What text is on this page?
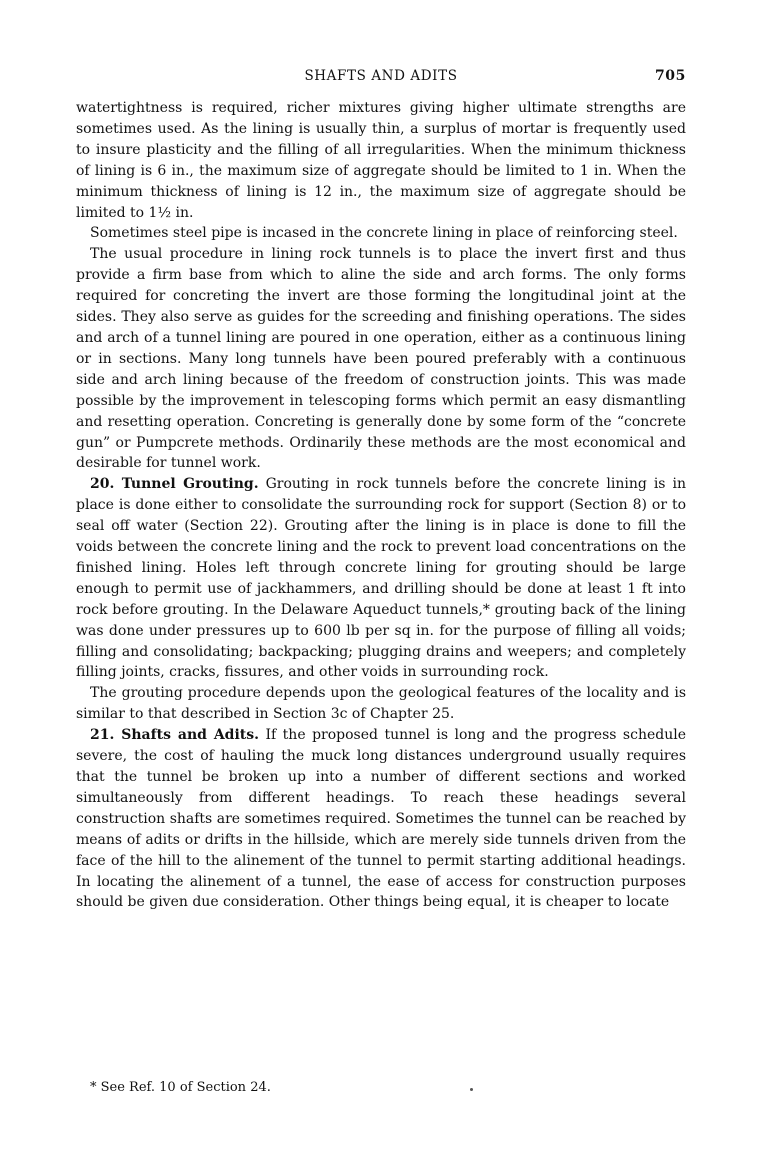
SHAFTS AND ADITS	705

watertightness is required, richer mixtures giving higher ultimate strengths are sometimes used. As the lining is usually thin, a surplus of mortar is frequently used to insure plasticity and the filling of all irregularities. When the minimum thickness of lining is 6 in., the maximum size of aggregate should be limited to 1 in. When the minimum thickness of lining is 12 in., the maximum size of aggregate should be limited to 1½ in.

Sometimes steel pipe is incased in the concrete lining in place of reinforcing steel.

The usual procedure in lining rock tunnels is to place the invert first and thus provide a firm base from which to aline the side and arch forms. The only forms required for concreting the invert are those forming the longitudinal joint at the sides. They also serve as guides for the screeding and finishing operations. The sides and arch of a tunnel lining are poured in one operation, either as a continuous lining or in sections. Many long tunnels have been poured preferably with a continuous side and arch lining because of the freedom of construction joints. This was made possible by the improvement in telescoping forms which permit an easy dismantling and resetting operation. Concreting is generally done by some form of the “concrete gun” or Pumpcrete methods. Ordinarily these methods are the most economical and desirable for tunnel work.

20. Tunnel Grouting. Grouting in rock tunnels before the concrete lining is in place is done either to consolidate the surrounding rock for support (Section 8) or to seal off water (Section 22). Grouting after the lining is in place is done to fill the voids between the concrete lining and the rock to prevent load concentrations on the finished lining. Holes left through concrete lining for grouting should be large enough to permit use of jackhammers, and drilling should be done at least 1 ft into rock before grouting. In the Delaware Aqueduct tunnels,* grouting back of the lining was done under pressures up to 600 lb per sq in. for the purpose of filling all voids; filling and consolidating; backpacking; plugging drains and weepers; and completely filling joints, cracks, fissures, and other voids in surrounding rock.

The grouting procedure depends upon the geological features of the locality and is similar to that described in Section 3c of Chapter 25.

21. Shafts and Adits. If the proposed tunnel is long and the progress schedule severe, the cost of hauling the muck long distances underground usually requires that the tunnel be broken up into a number of different sections and worked simultaneously from different headings. To reach these headings several construction shafts are sometimes required. Sometimes the tunnel can be reached by means of adits or drifts in the hillside, which are merely side tunnels driven from the face of the hill to the alinement of the tunnel to permit starting additional headings. In locating the alinement of a tunnel, the ease of access for construction purposes should be given due consideration. Other things being equal, it is cheaper to locate

* See Ref. 10 of Section 24.
